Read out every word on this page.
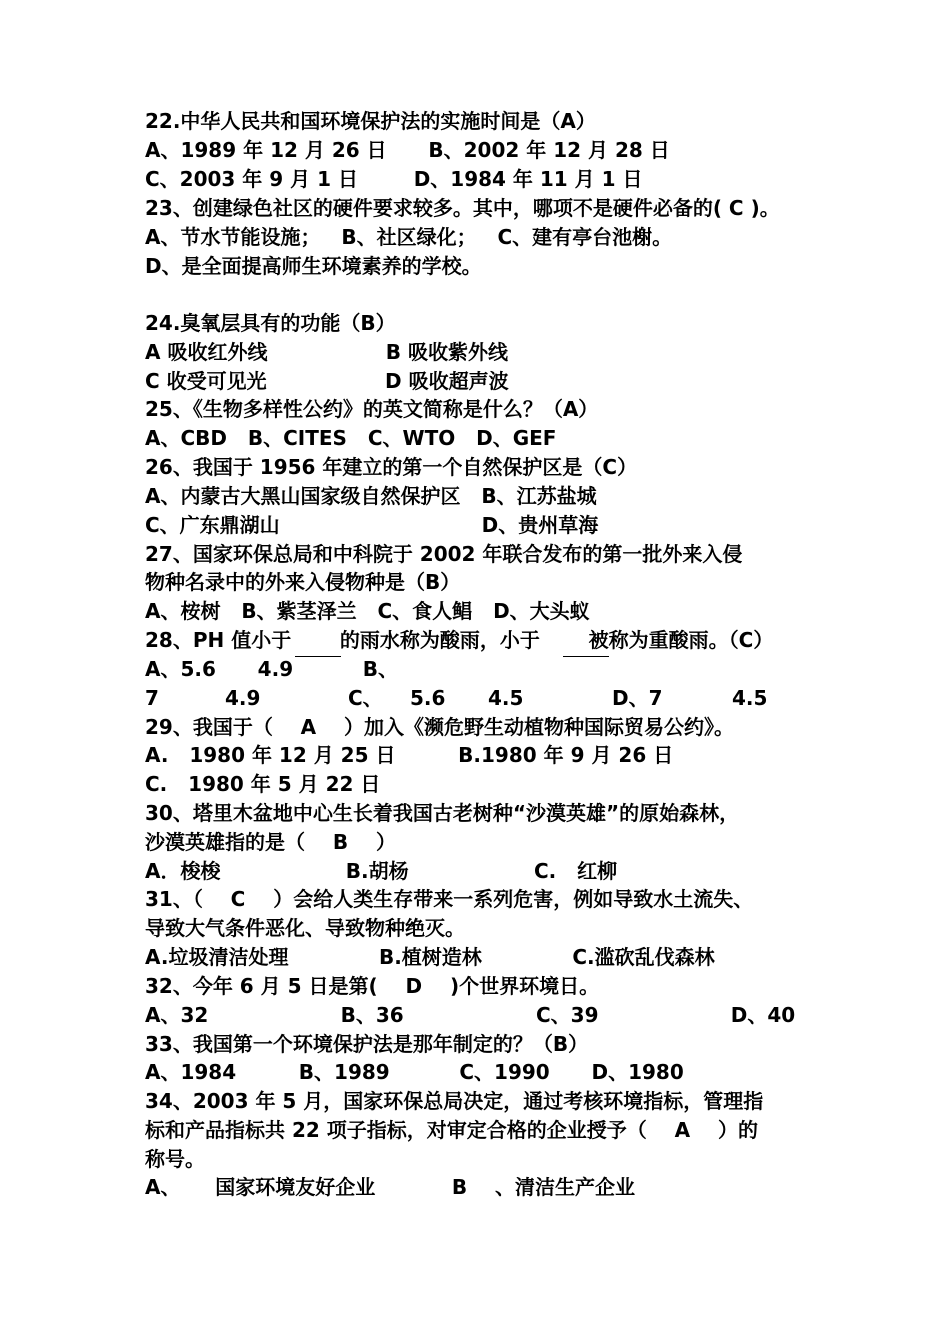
22.中华人民共和国环境保护法的实施时间是（A）
A、1989 年 12 月 26 日      B、2002 年 12 月 28 日
C、2003 年 9 月 1 日        D、1984 年 11 月 1 日
23、创建绿色社区的硬件要求较多。其中，哪项不是硬件必备的( C )。
A、节水节能设施；   B、社区绿化；   C、建有亭台池榭。
D、是全面提高师生环境素养的学校。
24.臭氧层具有的功能（B）
A 吸收红外线                 B 吸收紫外线
C 收受可见光                 D 吸收超声波
25、《生物多样性公约》的英文简称是什么？（A）
A、CBD   B、CITES   C、WTO   D、GEF
26、我国于 1956 年建立的第一个自然保护区是（C）
A、内蒙古大黑山国家级自然保护区   B、江苏盐城
C、广东鼎湖山                             D、贵州草海
27、国家环保总局和中科院于 2002 年联合发布的第一批外来入侵
物种名录中的外来入侵物种是（B）
A、桉树   B、紫茎泽兰   C、食人鲳   D、大头蚁
28、PH 值小于       的雨水称为酸雨，小于       被称为重酸雨。（C）
A、5.6      4.9          B、
7	4.9	C、 5.6 4.5	D、7	4.5
29、我国于（    A    ）加入《濒危野生动植物种国际贸易公约》。
A.   1980 年 12 月 25 日         B.1980 年 9 月 26 日
C.   1980 年 5 月 22 日
30、塔里木盆地中心生长着我国古老树种“沙漠英雄”的原始森林，
沙漠英雄指的是（    B    ）
A．梭梭                  B.胡杨                  C.   红柳
31、（    C    ）会给人类生存带来一系列危害，例如导致水土流失、
导致大气条件恶化、导致物种绝灭。
A.垃圾清洁处理             B.植树造林             C.滥砍乱伐森林
32、今年 6 月 5 日是第(    D    )个世界环境日。
A、32                   B、36                   C、39                   D、40
33、我国第一个环境保护法是那年制定的？（B）
A、1984         B、1989          C、1990      D、1980
34、2003 年 5 月，国家环保总局决定，通过考核环境指标，管理指
标和产品指标共 22 项子指标，对审定合格的企业授予（    A    ）的
称号。
A、     国家环境友好企业           B    、清洁生产企业
